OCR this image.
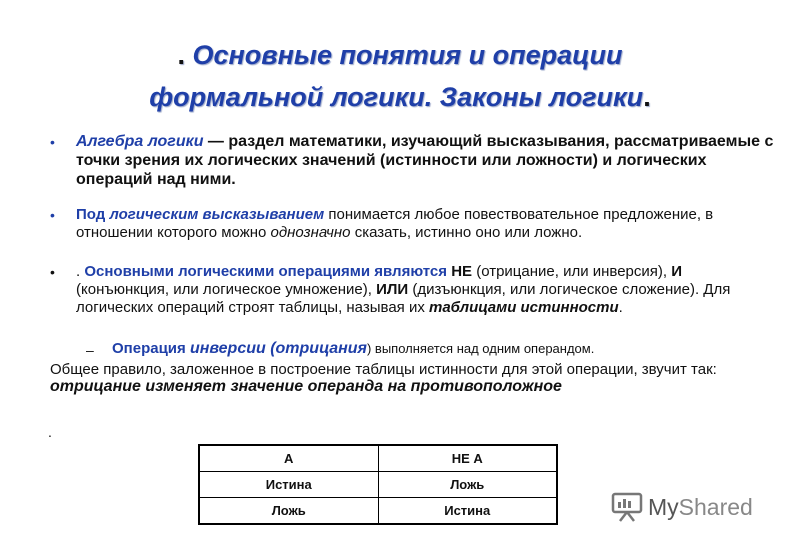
. Основные понятия и операции
формальной логики. Законы логики.
• Алгебра логики — раздел математики, изучающий высказывания, рассматриваемые с точки зрения их логических значений (истинности или ложности) и логических операций над ними.
• Под логическим высказыванием понимается любое повествовательное предложение, в отношении которого можно однозначно сказать, истинно оно или ложно.
• . Основными логическими операциями являются НЕ (отрицание, или инверсия), И (конъюнкция, или логическое умножение), ИЛИ (дизъюнкция, или логическое сложение). Для логических операций строят таблицы, называя их таблицами истинности.
– Операция инверсии (отрицания) выполняется над одним операндом.
Общее правило, заложенное в построение таблицы истинности для этой операции, звучит так: отрицание изменяет значение операнда на противоположное
.
А	НЕ А
Истина	Ложь
Ложь	Истина	MyShared
